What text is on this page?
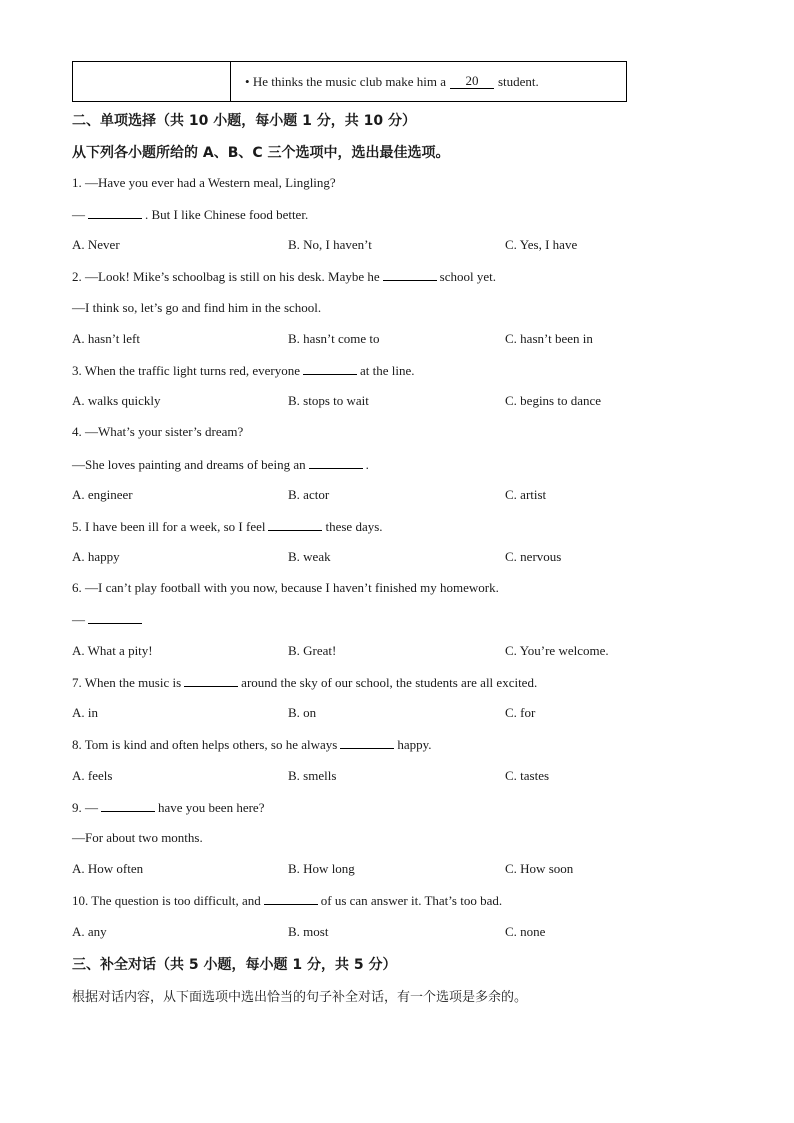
•
He thinks the music club make him a	20	student.
二、单项选择（共 10 小题，每小题 1 分，共 10 分）
从下列各小题所给的 A、B、C 三个选项中，选出最佳选项。
1. —Have you ever had a Western meal, Lingling?
—	. But I like Chinese food better.
A. Never	B. No, I haven’t	C. Yes, I have
2. —Look! Mike’s schoolbag is still on his desk. Maybe he	school yet.
—I think so, let’s go and find him in the school.
A. hasn’t left	B. hasn’t come to	C. hasn’t been in
3. When the traffic light turns red, everyone	at the line.
A. walks quickly	B. stops to wait	C. begins to dance
4. —What’s your sister’s dream?
—She loves painting and dreams of being an	.
A. engineer	B. actor	C. artist
5. I have been ill for a week, so I feel	these days.
A. happy	B. weak	C. nervous
6. —I can’t play football with you now, because I haven’t finished my homework.
—
A. What a pity!	B. Great!	C. You’re welcome.
7. When the music is	around the sky of our school, the students are all excited.
A. in	B. on	C. for
8. Tom is kind and often helps others, so he always	happy.
A. feels	B. smells	C. tastes
9. —	have you been here?
—For about two months.
A. How often	B. How long	C. How soon
10. The question is too difficult, and	of us can answer it. That’s too bad.
A. any	B. most	C. none
三、补全对话（共 5 小题，每小题 1 分，共 5 分）
根据对话内容，从下面选项中选出恰当的句子补全对话，有一个选项是多余的。
